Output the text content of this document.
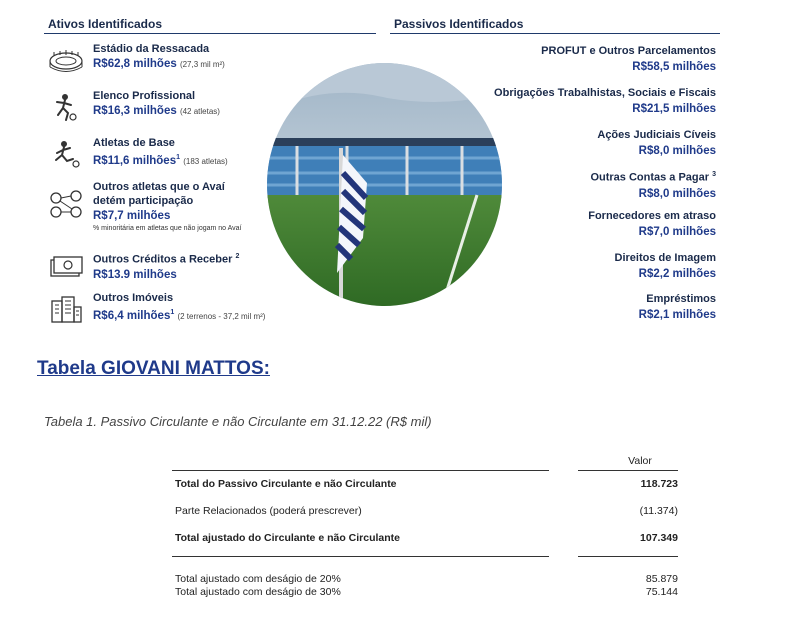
Ativos Identificados	Passivos Identificados
Estádio da Ressacada
R$62,8 milhões (27,3 mil m²)
Elenco Profissional
R$16,3 milhões (42 atletas)
Atletas de Base
R$11,6 milhões$^1$ (183 atletas)
Outros atletas que o Avaí
detém participação
R$7,7 milhões
% minoritária em atletas que não jogam no Avaí
Outros Créditos a Receber $^2$
R$13.9 milhões
Outros Imóveis
R$6,4 milhões$^1$ (2 terrenos - 37,2 mil m²)
PROFUT e Outros Parcelamentos
R$58,5 milhões
Obrigações Trabalhistas, Sociais e Fiscais
R$21,5 milhões
Ações Judiciais Cíveis
R$8,0 milhões
Outras Contas a Pagar $^3$
R$8,0 milhões
Fornecedores em atraso
R$7,0 milhões
Direitos de Imagem
R$2,2 milhões
Empréstimos
R$2,1 milhões
Tabela GIOVANI MATTOS:
Tabela 1. Passivo Circulante e não Circulante em 31.12.22 (R$ mil)
Valor
Total do Passivo Circulante e não Circulante	118.723
Parte Relacionados (poderá prescrever)	(11.374)
Total ajustado do Circulante e não Circulante	107.349
Total ajustado com deságio de 20%	85.879
Total ajustado com deságio de 30%	75.144
